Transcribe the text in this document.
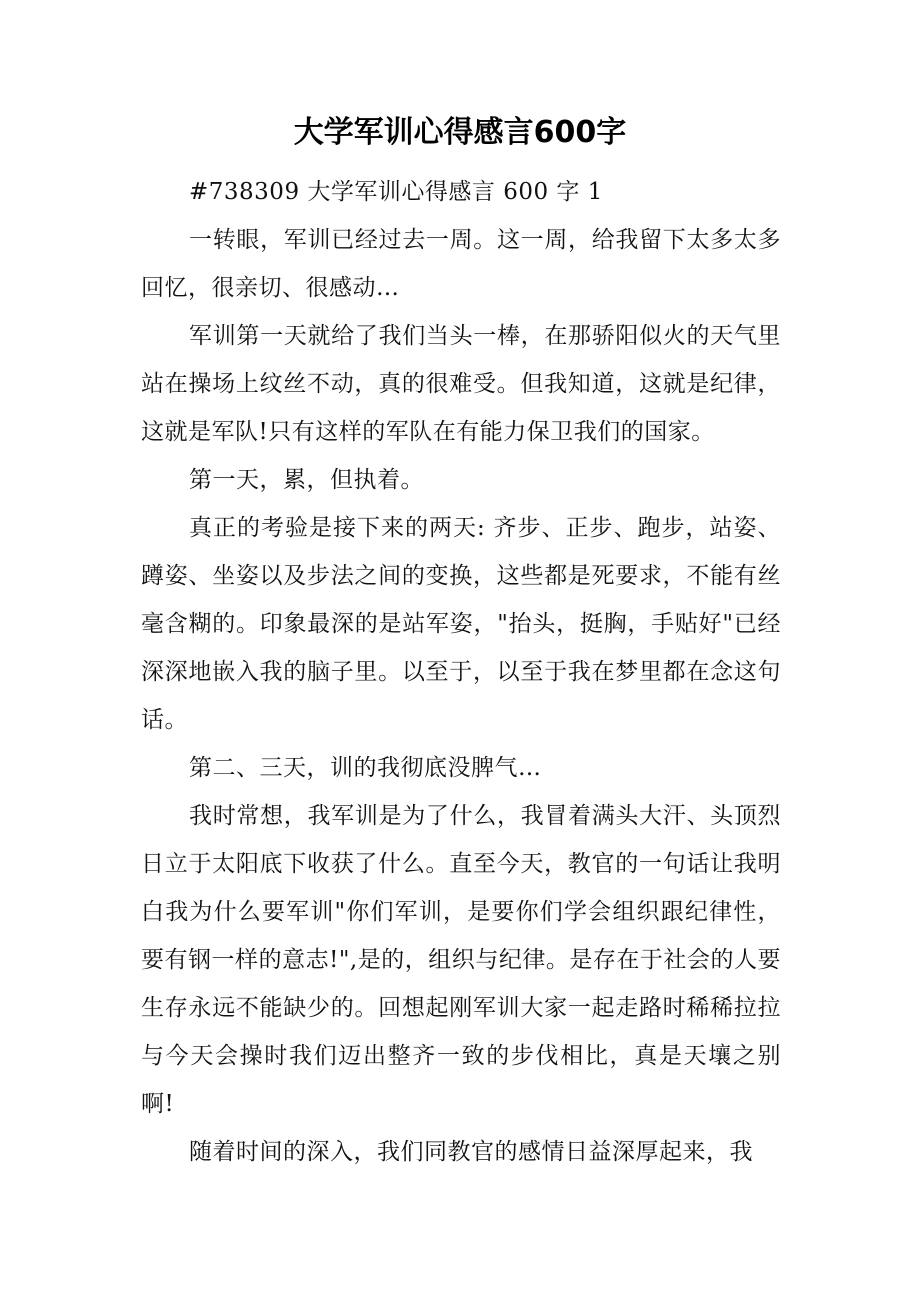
大学军训心得感言600字

#738309 大学军训心得感言 600 字 1

一转眼，军训已经过去一周。这一周，给我留下太多太多回忆，很亲切、很感动…

军训第一天就给了我们当头一棒，在那骄阳似火的天气里站在操场上纹丝不动，真的很难受。但我知道，这就是纪律，这就是军队!只有这样的军队在有能力保卫我们的国家。

第一天，累，但执着。

真正的考验是接下来的两天: 齐步、正步、跑步，站姿、蹲姿、坐姿以及步法之间的变换，这些都是死要求，不能有丝毫含糊的。印象最深的是站军姿，"抬头，挺胸，手贴好"已经深深地嵌入我的脑子里。以至于，以至于我在梦里都在念这句话。

第二、三天，训的我彻底没脾气…

我时常想，我军训是为了什么，我冒着满头大汗、头顶烈日立于太阳底下收获了什么。直至今天，教官的一句话让我明白我为什么要军训"你们军训，是要你们学会组织跟纪律性，要有钢一样的意志!",是的，组织与纪律。是存在于社会的人要生存永远不能缺少的。回想起刚军训大家一起走路时稀稀拉拉与今天会操时我们迈出整齐一致的步伐相比，真是天壤之别啊!

随着时间的深入，我们同教官的感情日益深厚起来，我
